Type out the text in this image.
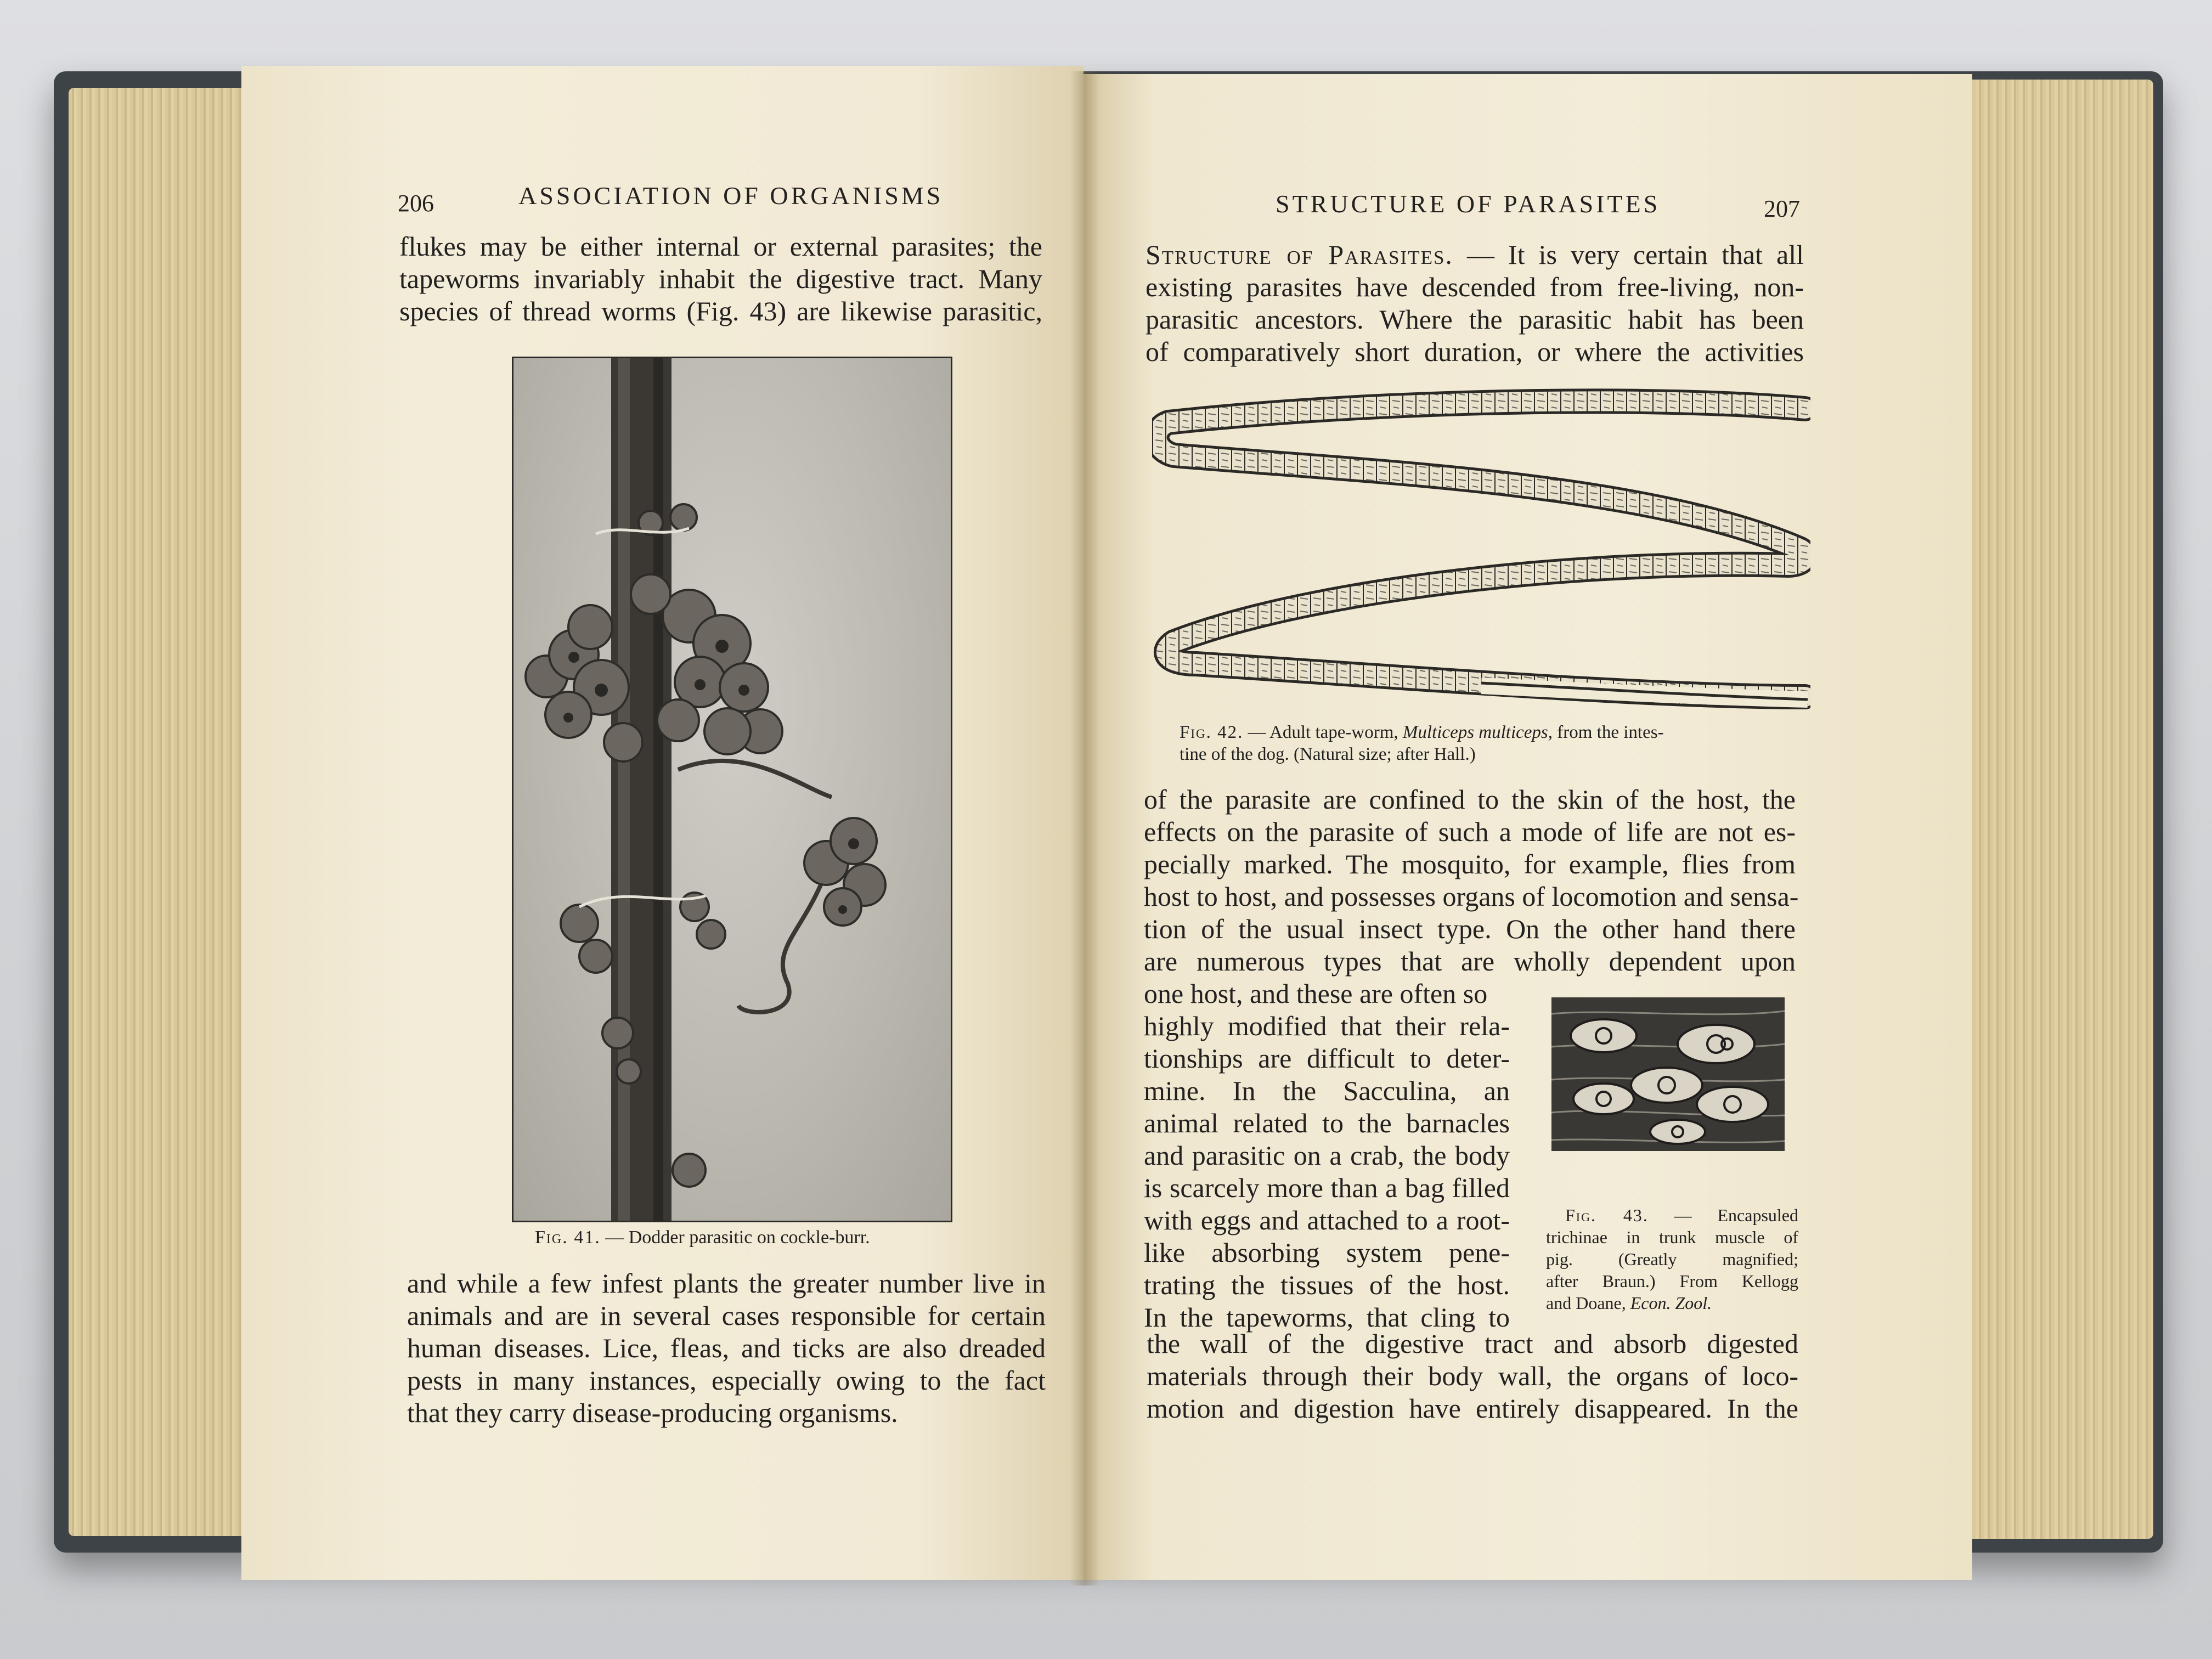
206	ASSOCIATION OF ORGANISMS
flukes may be either internal or external parasites; the
tapeworms invariably inhabit the digestive tract. Many
species of thread worms (Fig. 43) are likewise parasitic,
Fig. 41. — Dodder parasitic on cockle-burr.
and while a few infest plants the greater number live in
animals and are in several cases responsible for certain
human diseases. Lice, fleas, and ticks are also dreaded
pests in many instances, especially owing to the fact
that they carry disease-producing organisms.
STRUCTURE OF PARASITES	207
Structure of Parasites. — It is very certain that all
existing parasites have descended from free-living, non-
parasitic ancestors. Where the parasitic habit has been
of comparatively short duration, or where the activities
Fig. 42. — Adult tape-worm, Multiceps multiceps, from the intes-
tine of the dog. (Natural size; after Hall.)
of the parasite are confined to the skin of the host, the
effects on the parasite of such a mode of life are not es-
pecially marked. The mosquito, for example, flies from
host to host, and possesses organs of locomotion and sensa-
tion of the usual insect type. On the other hand there
are numerous types that are wholly dependent upon
one host, and these are often so
highly modified that their rela-
tionships are difficult to deter-
mine. In the Sacculina, an
animal related to the barnacles
and parasitic on a crab, the body
is scarcely more than a bag filled
with eggs and attached to a root-
like absorbing system pene-
trating the tissues of the host.
In the tapeworms, that cling to
Fig. 43. — Encapsuled
trichinae in trunk muscle of
pig. (Greatly magnified;
after Braun.) From Kellogg
and Doane, Econ. Zool.
the wall of the digestive tract and absorb digested
materials through their body wall, the organs of loco-
motion and digestion have entirely disappeared. In the
